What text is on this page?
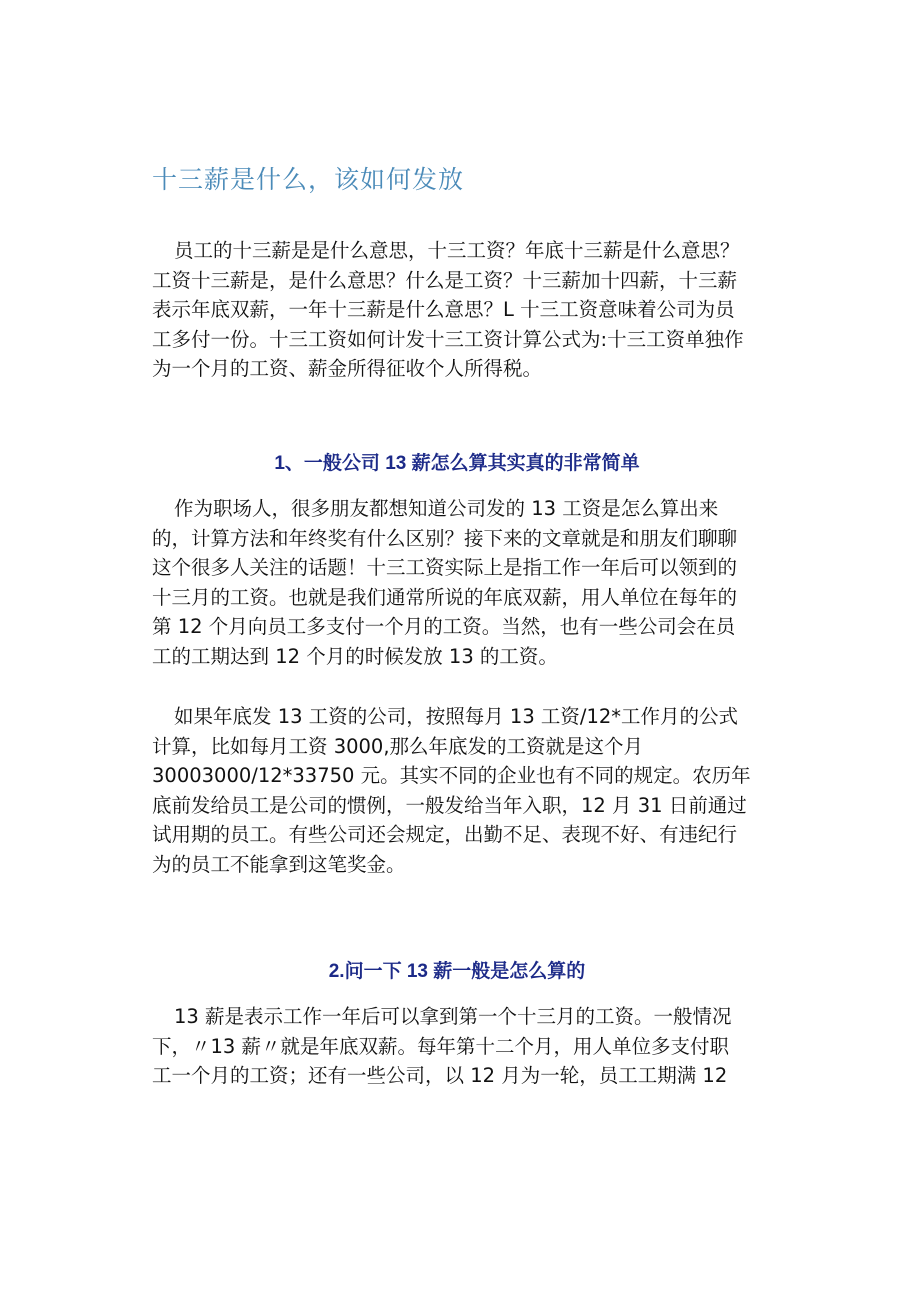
十三薪是什么，该如何发放

员工的十三薪是是什么意思，十三工资？年底十三薪是什么意思？
工资十三薪是，是什么意思？什么是工资？十三薪加十四薪，十三薪
表示年底双薪，一年十三薪是什么意思？L 十三工资意味着公司为员
工多付一份。十三工资如何计发十三工资计算公式为:十三工资单独作
为一个月的工资、薪金所得征收个人所得税。

1、一般公司 13 薪怎么算其实真的非常简单

作为职场人，很多朋友都想知道公司发的 13 工资是怎么算出来
的，计算方法和年终奖有什么区别？接下来的文章就是和朋友们聊聊
这个很多人关注的话题！十三工资实际上是指工作一年后可以领到的
十三月的工资。也就是我们通常所说的年底双薪，用人单位在每年的
第 12 个月向员工多支付一个月的工资。当然，也有一些公司会在员
工的工期达到 12 个月的时候发放 13 的工资。

如果年底发 13 工资的公司，按照每月 13 工资/12*工作月的公式
计算，比如每月工资 3000,那么年底发的工资就是这个月
30003000/12*33750 元。其实不同的企业也有不同的规定。农历年
底前发给员工是公司的惯例，一般发给当年入职，12 月 31 日前通过
试用期的员工。有些公司还会规定，出勤不足、表现不好、有违纪行
为的员工不能拿到这笔奖金。

2.问一下 13 薪一般是怎么算的

13 薪是表示工作一年后可以拿到第一个十三月的工资。一般情况
下，〃13 薪〃就是年底双薪。每年第十二个月，用人单位多支付职
工一个月的工资；还有一些公司，以 12 月为一轮，员工工期满 12
